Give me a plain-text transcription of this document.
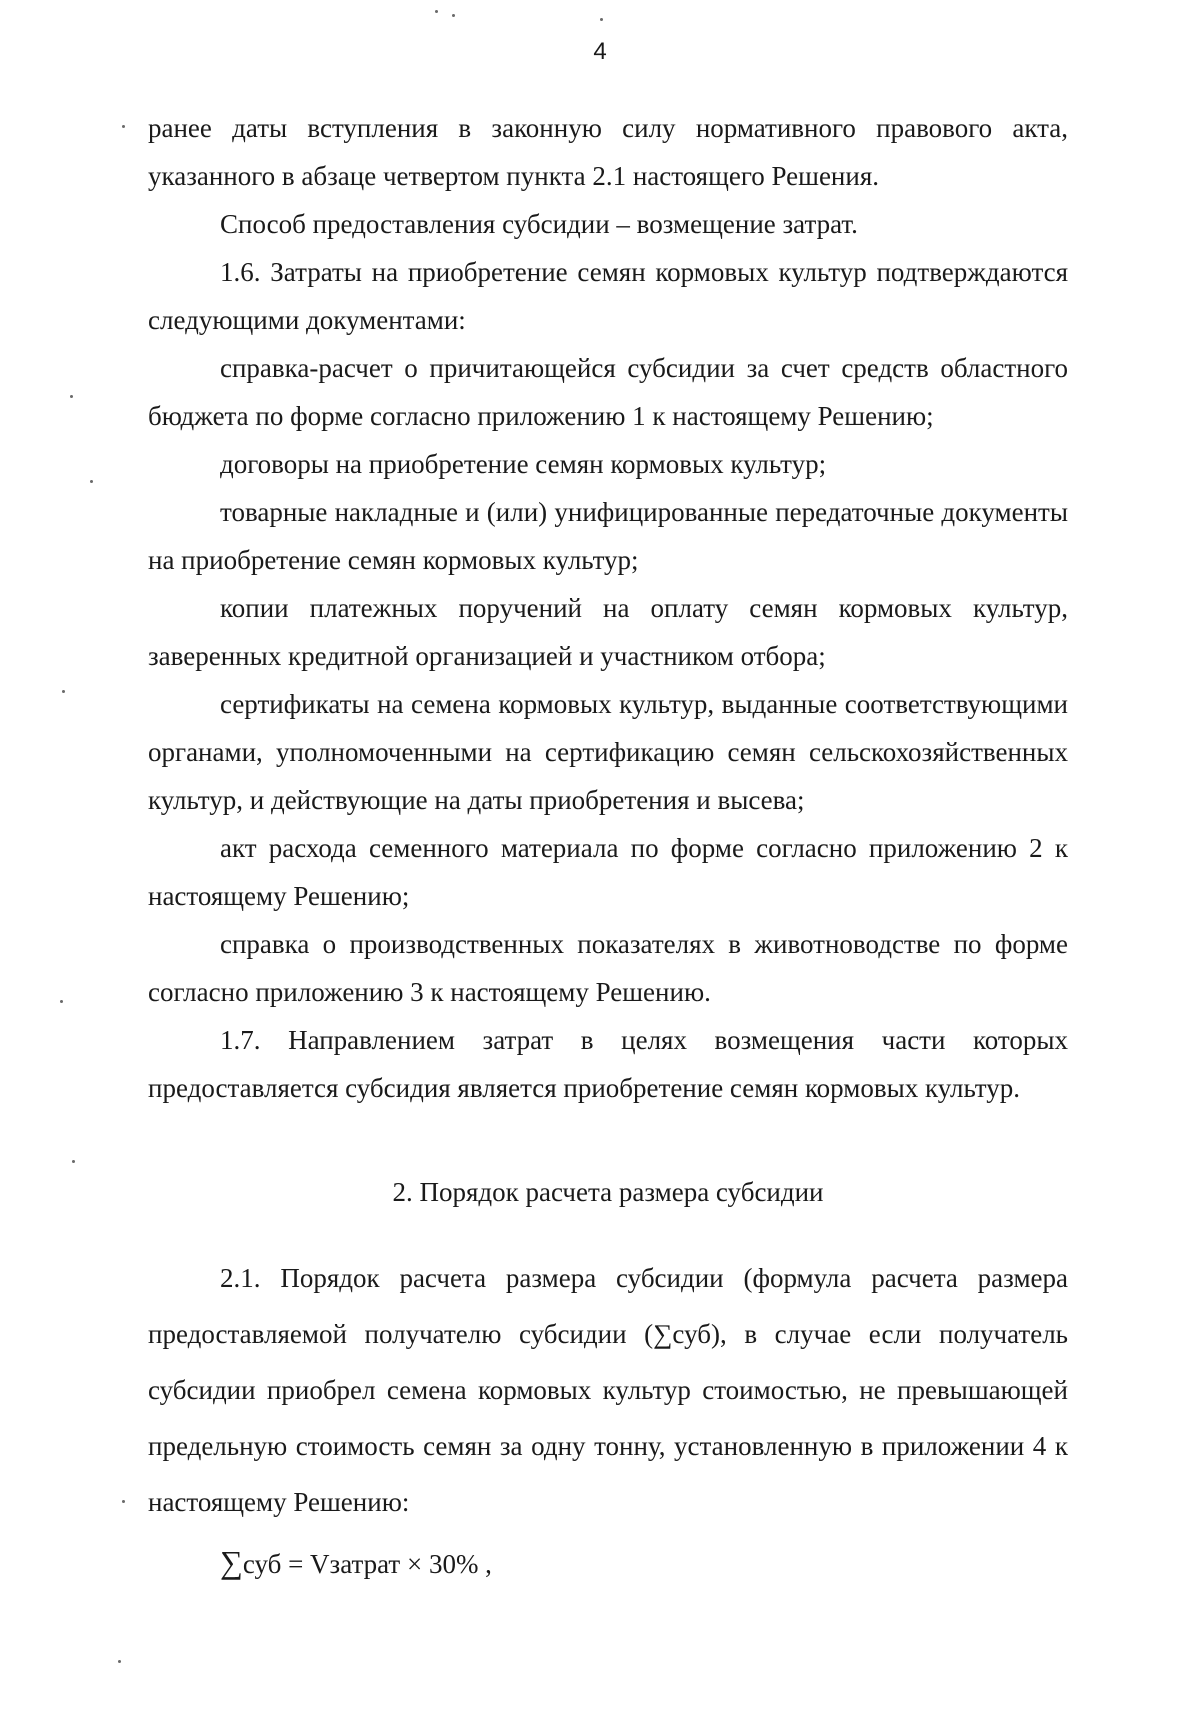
4

ранее даты вступления в законную силу нормативного правового акта, указанного в абзаце четвертом пункта 2.1 настоящего Решения.

Способ предоставления субсидии – возмещение затрат.

1.6. Затраты на приобретение семян кормовых культур подтверждаются следующими документами:

справка-расчет о причитающейся субсидии за счет средств областного бюджета по форме согласно приложению 1 к настоящему Решению;

договоры на приобретение семян кормовых культур;

товарные накладные и (или) унифицированные передаточные документы на приобретение семян кормовых культур;

копии платежных поручений на оплату семян кормовых культур, заверенных кредитной организацией и участником отбора;

сертификаты на семена кормовых культур, выданные соответствующими органами, уполномоченными на сертификацию семян сельскохозяйственных культур, и действующие на даты приобретения и высева;

акт расхода семенного материала по форме согласно приложению 2 к настоящему Решению;

справка о производственных показателях в животноводстве по форме согласно приложению 3 к настоящему Решению.

1.7. Направлением затрат в целях возмещения части которых предоставляется субсидия является приобретение семян кормовых культур.

2. Порядок расчета размера субсидии

2.1. Порядок расчета размера субсидии (формула расчета размера предоставляемой получателю субсидии (∑суб), в случае если получатель субсидии приобрел семена кормовых культур стоимостью, не превышающей предельную стоимость семян за одну тонну, установленную в приложении 4 к настоящему Решению:

∑суб = Vзатрат × 30% ,
